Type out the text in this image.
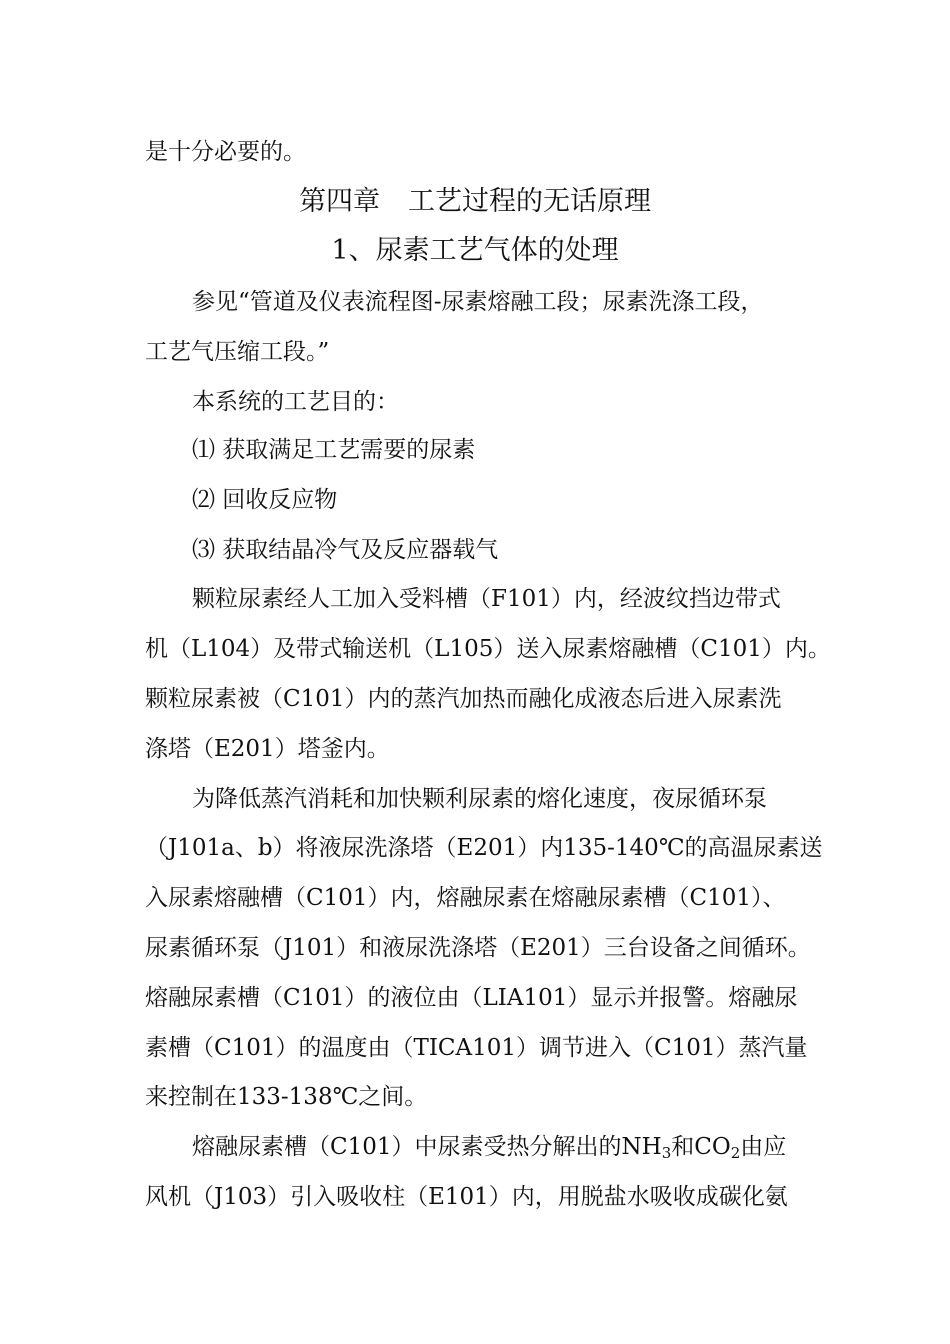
是十分必要的。
第四章 工艺过程的无话原理
1、尿素工艺气体的处理
参见“管道及仪表流程图-尿素熔融工段；尿素洗涤工段，
工艺气压缩工段。”
本系统的工艺目的：
⑴ 获取满足工艺需要的尿素
⑵ 回收反应物
⑶ 获取结晶冷气及反应器载气
颗粒尿素经人工加入受料槽（F101）内，经波纹挡边带式
机（L104）及带式输送机（L105）送入尿素熔融槽（C101）内。
颗粒尿素被（C101）内的蒸汽加热而融化成液态后进入尿素洗
涤塔（E201）塔釜内。
为降低蒸汽消耗和加快颗利尿素的熔化速度，夜尿循环泵
（J101a、b）将液尿洗涤塔（E201）内135-140℃的高温尿素送
入尿素熔融槽（C101）内，熔融尿素在熔融尿素槽（C101）、
尿素循环泵（J101）和液尿洗涤塔（E201）三台设备之间循环。
熔融尿素槽（C101）的液位由（LIA101）显示并报警。熔融尿
素槽（C101）的温度由（TICA101）调节进入（C101）蒸汽量
来控制在133-138℃之间。
熔融尿素槽（C101）中尿素受热分解出的$NH_3$和$CO_2$由应
风机（J103）引入吸收柱（E101）内，用脱盐水吸收成碳化氨
